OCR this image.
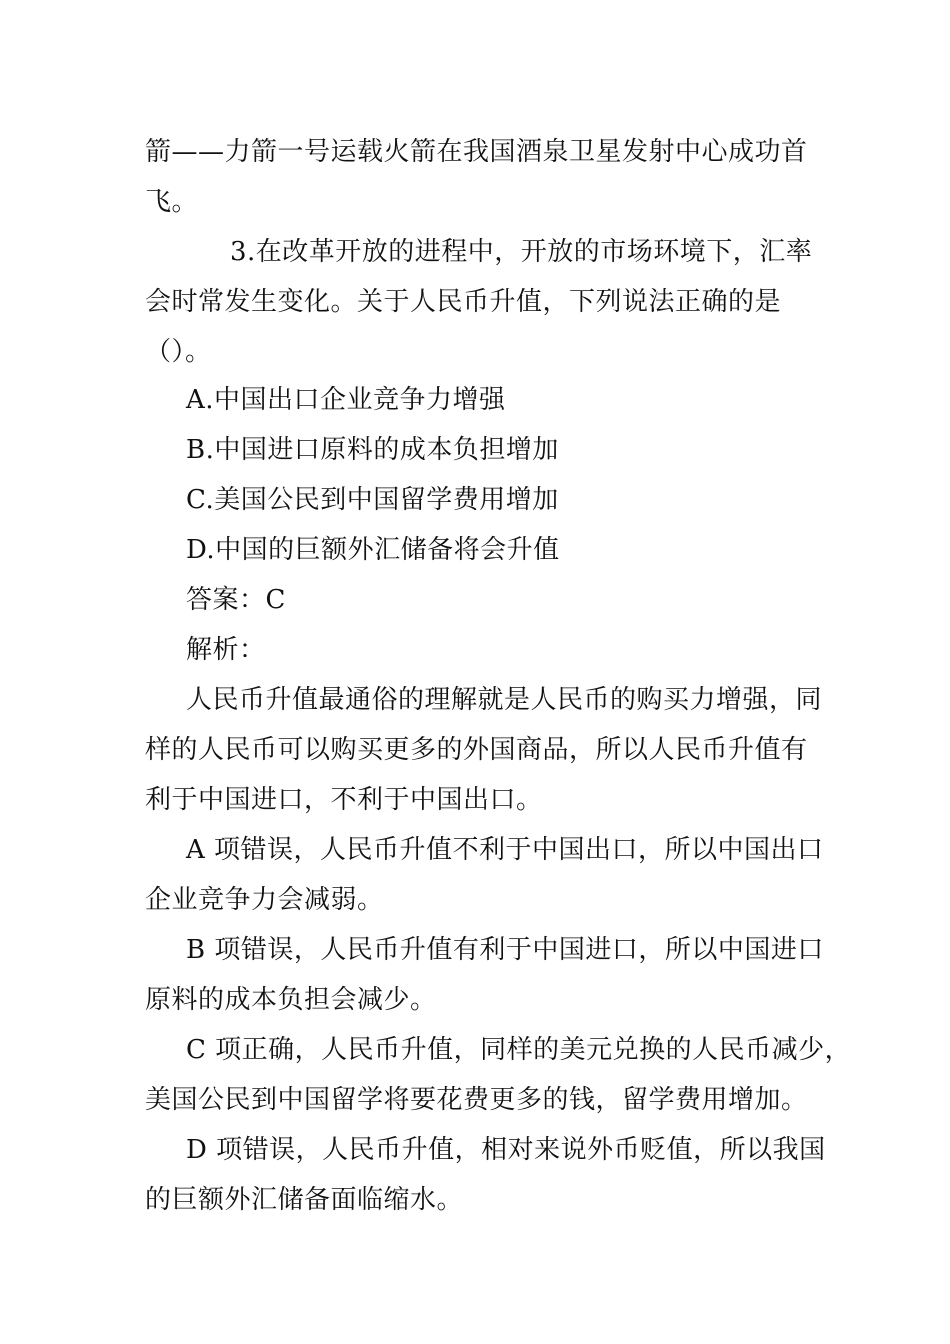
箭——力箭一号运载火箭在我国酒泉卫星发射中心成功首
飞。
3.在改革开放的进程中，开放的市场环境下，汇率
会时常发生变化。关于人民币升值，下列说法正确的是
（）。
A.中国出口企业竞争力增强
B.中国进口原料的成本负担增加
C.美国公民到中国留学费用增加
D.中国的巨额外汇储备将会升值
答案：C
解析：
人民币升值最通俗的理解就是人民币的购买力增强，同
样的人民币可以购买更多的外国商品，所以人民币升值有
利于中国进口，不利于中国出口。
A 项错误，人民币升值不利于中国出口，所以中国出口
企业竞争力会减弱。
B 项错误，人民币升值有利于中国进口，所以中国进口
原料的成本负担会减少。
C 项正确，人民币升值，同样的美元兑换的人民币减少，
美国公民到中国留学将要花费更多的钱，留学费用增加。
D 项错误，人民币升值，相对来说外币贬值，所以我国
的巨额外汇储备面临缩水。
